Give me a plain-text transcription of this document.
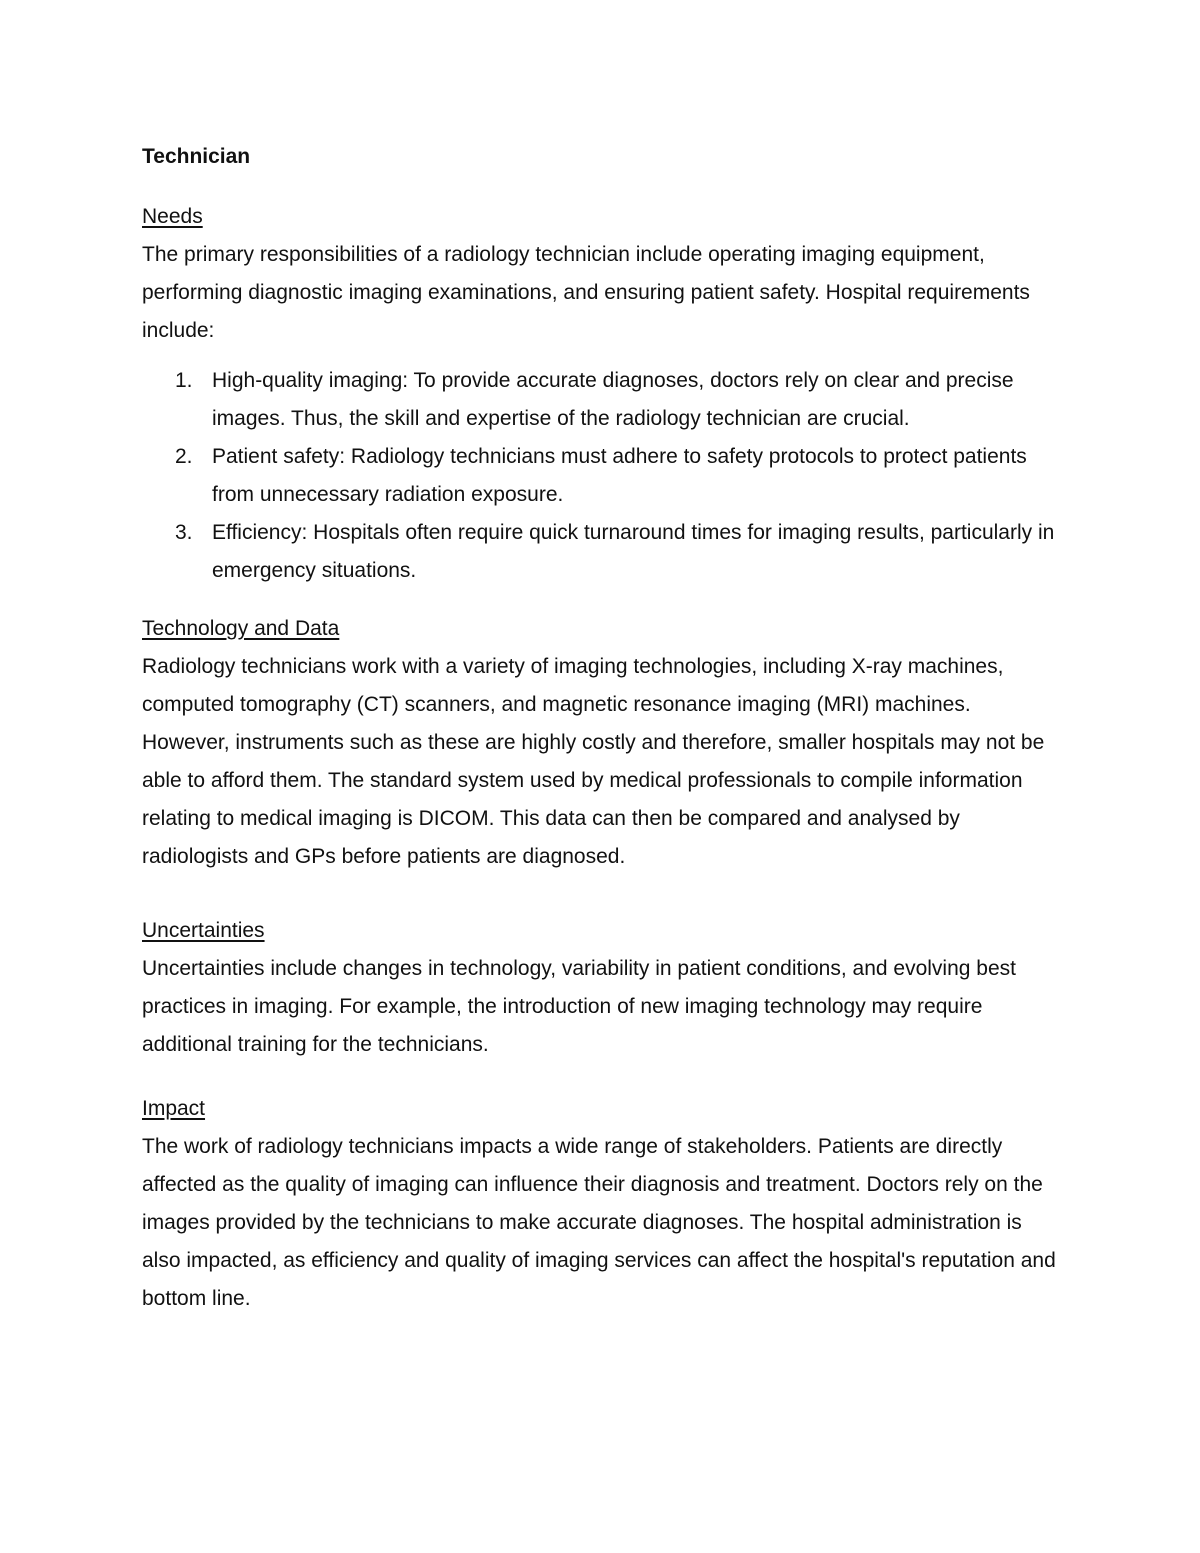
Technician

Needs

The primary responsibilities of a radiology technician include operating imaging equipment, performing diagnostic imaging examinations, and ensuring patient safety. Hospital requirements include:

1. High-quality imaging: To provide accurate diagnoses, doctors rely on clear and precise images. Thus, the skill and expertise of the radiology technician are crucial.
2. Patient safety: Radiology technicians must adhere to safety protocols to protect patients from unnecessary radiation exposure.
3. Efficiency: Hospitals often require quick turnaround times for imaging results, particularly in emergency situations.

Technology and Data

Radiology technicians work with a variety of imaging technologies, including X-ray machines, computed tomography (CT) scanners, and magnetic resonance imaging (MRI) machines. However, instruments such as these are highly costly and therefore, smaller hospitals may not be able to afford them. The standard system used by medical professionals to compile information relating to medical imaging is DICOM. This data can then be compared and analysed by radiologists and GPs before patients are diagnosed.

Uncertainties

Uncertainties include changes in technology, variability in patient conditions, and evolving best practices in imaging. For example, the introduction of new imaging technology may require additional training for the technicians.

Impact

The work of radiology technicians impacts a wide range of stakeholders. Patients are directly affected as the quality of imaging can influence their diagnosis and treatment. Doctors rely on the images provided by the technicians to make accurate diagnoses. The hospital administration is also impacted, as efficiency and quality of imaging services can affect the hospital's reputation and bottom line.
